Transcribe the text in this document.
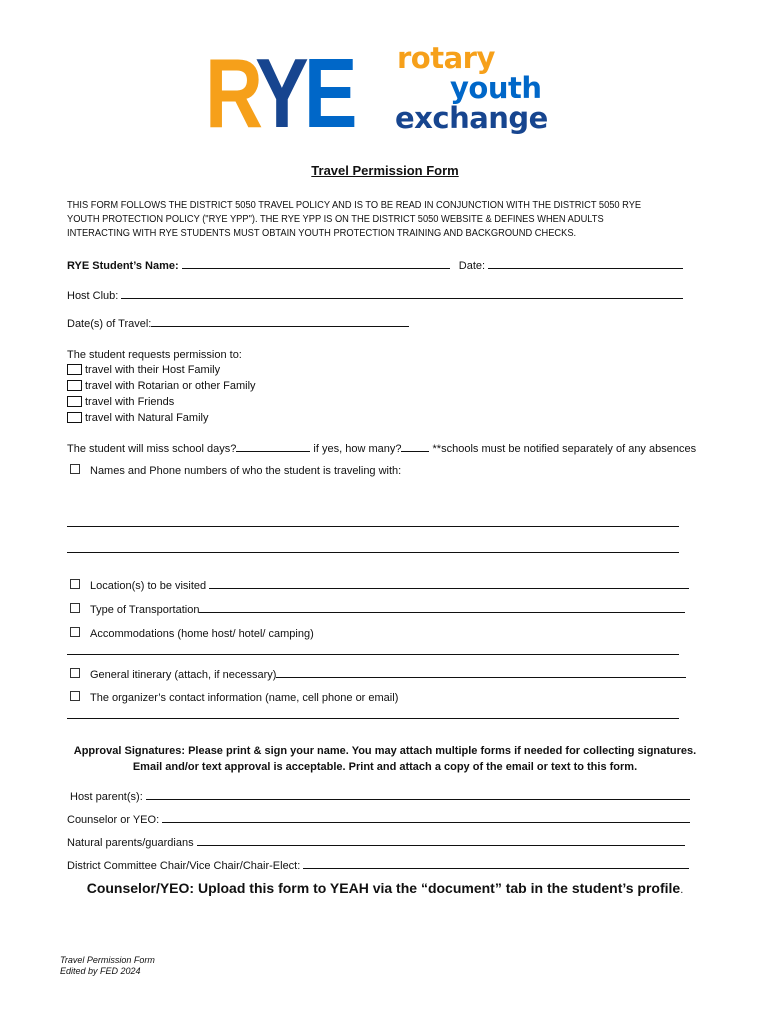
RYE rotary
youth
exchange
Travel Permission Form
THIS FORM FOLLOWS THE DISTRICT 5050 TRAVEL POLICY AND IS TO BE READ IN CONJUNCTION WITH THE DISTRICT 5050 RYE YOUTH PROTECTION POLICY ("RYE YPP"). THE RYE YPP IS ON THE DISTRICT 5050 WEBSITE & DEFINES WHEN ADULTS INTERACTING WITH RYE STUDENTS MUST OBTAIN YOUTH PROTECTION TRAINING AND BACKGROUND CHECKS.
RYE Student’s Name:	Date:
Host Club:
Date(s) of Travel:
The student requests permission to:
travel with their Host Family
travel with Rotarian or other Family
travel with Friends
travel with Natural Family
The student will miss school days?	if yes, how many?	**schools must be notified separately of any absences
Names and Phone numbers of who the student is traveling with:
Location(s) to be visited
Type of Transportation
Accommodations (home host/ hotel/ camping)
General itinerary (attach, if necessary)
The organizer’s contact information (name, cell phone or email)
Approval Signatures: Please print & sign your name. You may attach multiple forms if needed for collecting signatures.
Email and/or text approval is acceptable. Print and attach a copy of the email or text to this form.
Host parent(s):
Counselor or YEO:
Natural parents/guardians
District Committee Chair/Vice Chair/Chair-Elect:
Counselor/YEO: Upload this form to YEAH via the “document” tab in the student’s profile.
Travel Permission Form
Edited by FED 2024
